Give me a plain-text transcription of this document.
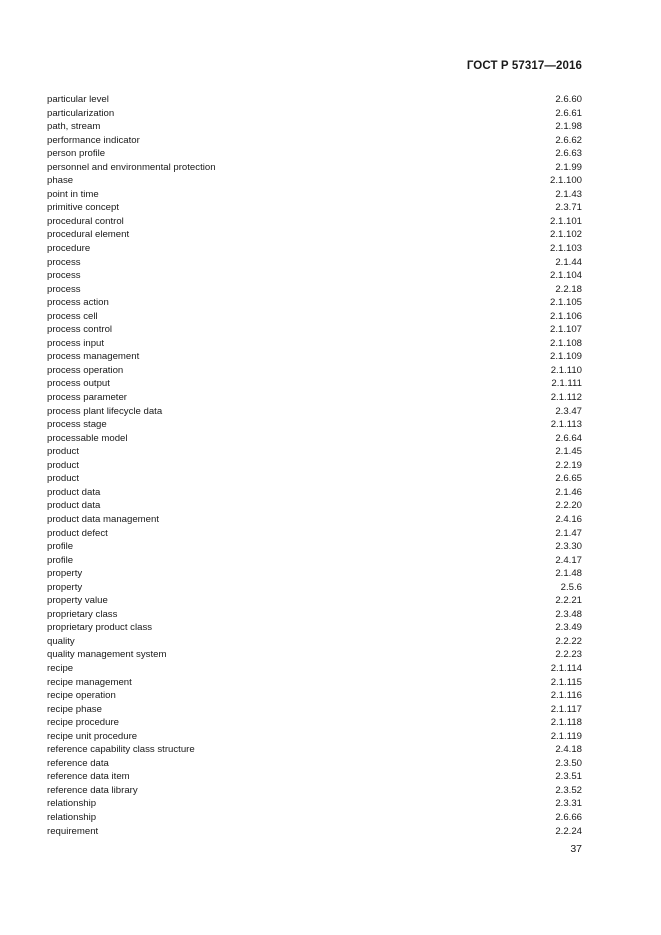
ГОСТ Р 57317—2016
particular level	2.6.60
particularization	2.6.61
path, stream	2.1.98
performance indicator	2.6.62
person profile	2.6.63
personnel and environmental protection	2.1.99
phase	2.1.100
point in time	2.1.43
primitive concept	2.3.71
procedural control	2.1.101
procedural element	2.1.102
procedure	2.1.103
process	2.1.44
process	2.1.104
process	2.2.18
process action	2.1.105
process cell	2.1.106
process control	2.1.107
process input	2.1.108
process management	2.1.109
process operation	2.1.110
process output	2.1.111
process parameter	2.1.112
process plant lifecycle data	2.3.47
process stage	2.1.113
processable model	2.6.64
product	2.1.45
product	2.2.19
product	2.6.65
product data	2.1.46
product data	2.2.20
product data management	2.4.16
product defect	2.1.47
profile	2.3.30
profile	2.4.17
property	2.1.48
property	2.5.6
property value	2.2.21
proprietary class	2.3.48
proprietary product class	2.3.49
quality	2.2.22
quality management system	2.2.23
recipe	2.1.114
recipe management	2.1.115
recipe operation	2.1.116
recipe phase	2.1.117
recipe procedure	2.1.118
recipe unit procedure	2.1.119
reference capability class structure	2.4.18
reference data	2.3.50
reference data item	2.3.51
reference data library	2.3.52
relationship	2.3.31
relationship	2.6.66
requirement	2.2.24
37
